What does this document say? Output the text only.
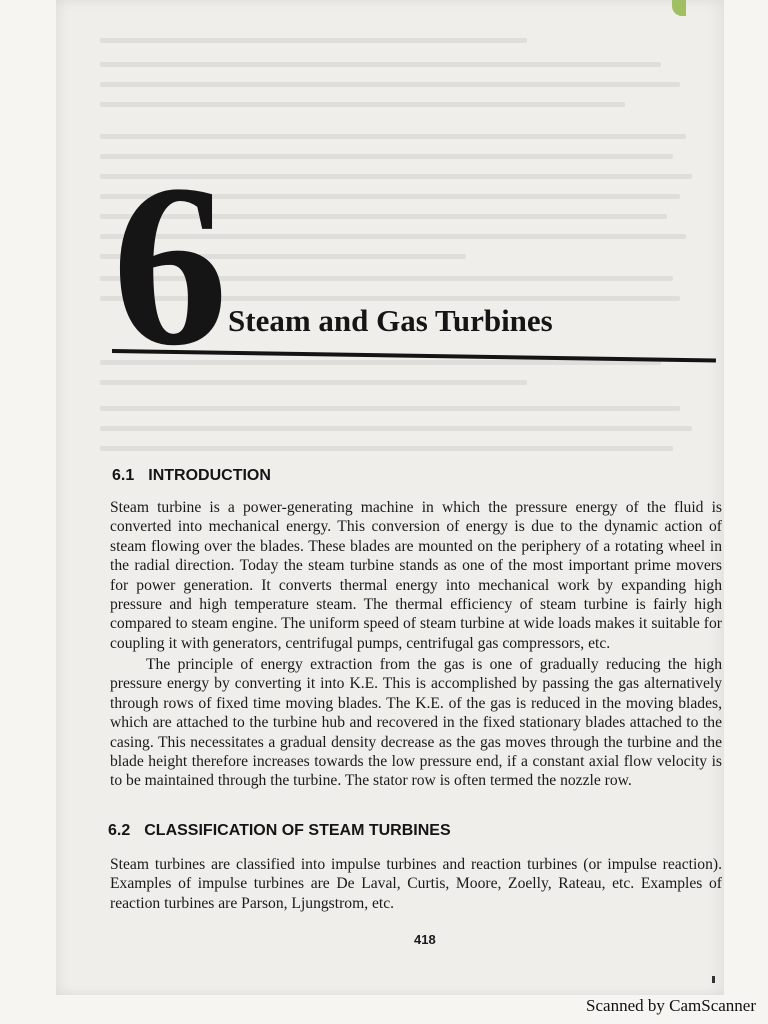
6 Steam and Gas Turbines
6.1 INTRODUCTION

Steam turbine is a power-generating machine in which the pressure energy of the fluid is converted into mechanical energy. This conversion of energy is due to the dynamic action of steam flowing over the blades. These blades are mounted on the periphery of a rotating wheel in the radial direction. Today the steam turbine stands as one of the most important prime movers for power generation. It converts thermal energy into mechanical work by expanding high pressure and high temperature steam. The thermal efficiency of steam turbine is fairly high compared to steam engine. The uniform speed of steam turbine at wide loads makes it suitable for coupling it with generators, centrifugal pumps, centrifugal gas compressors, etc.

The principle of energy extraction from the gas is one of gradually reducing the high pressure energy by converting it into K.E. This is accomplished by passing the gas alternatively through rows of fixed time moving blades. The K.E. of the gas is reduced in the moving blades, which are attached to the turbine hub and recovered in the fixed stationary blades attached to the casing. This necessitates a gradual density decrease as the gas moves through the turbine and the blade height therefore increases towards the low pressure end, if a constant axial flow velocity is to be maintained through the turbine. The stator row is often termed the nozzle row.

6.2 CLASSIFICATION OF STEAM TURBINES

Steam turbines are classified into impulse turbines and reaction turbines (or impulse reaction). Examples of impulse turbines are De Laval, Curtis, Moore, Zoelly, Rateau, etc. Examples of reaction turbines are Parson, Ljungstrom, etc.

418
Scanned by CamScanner
